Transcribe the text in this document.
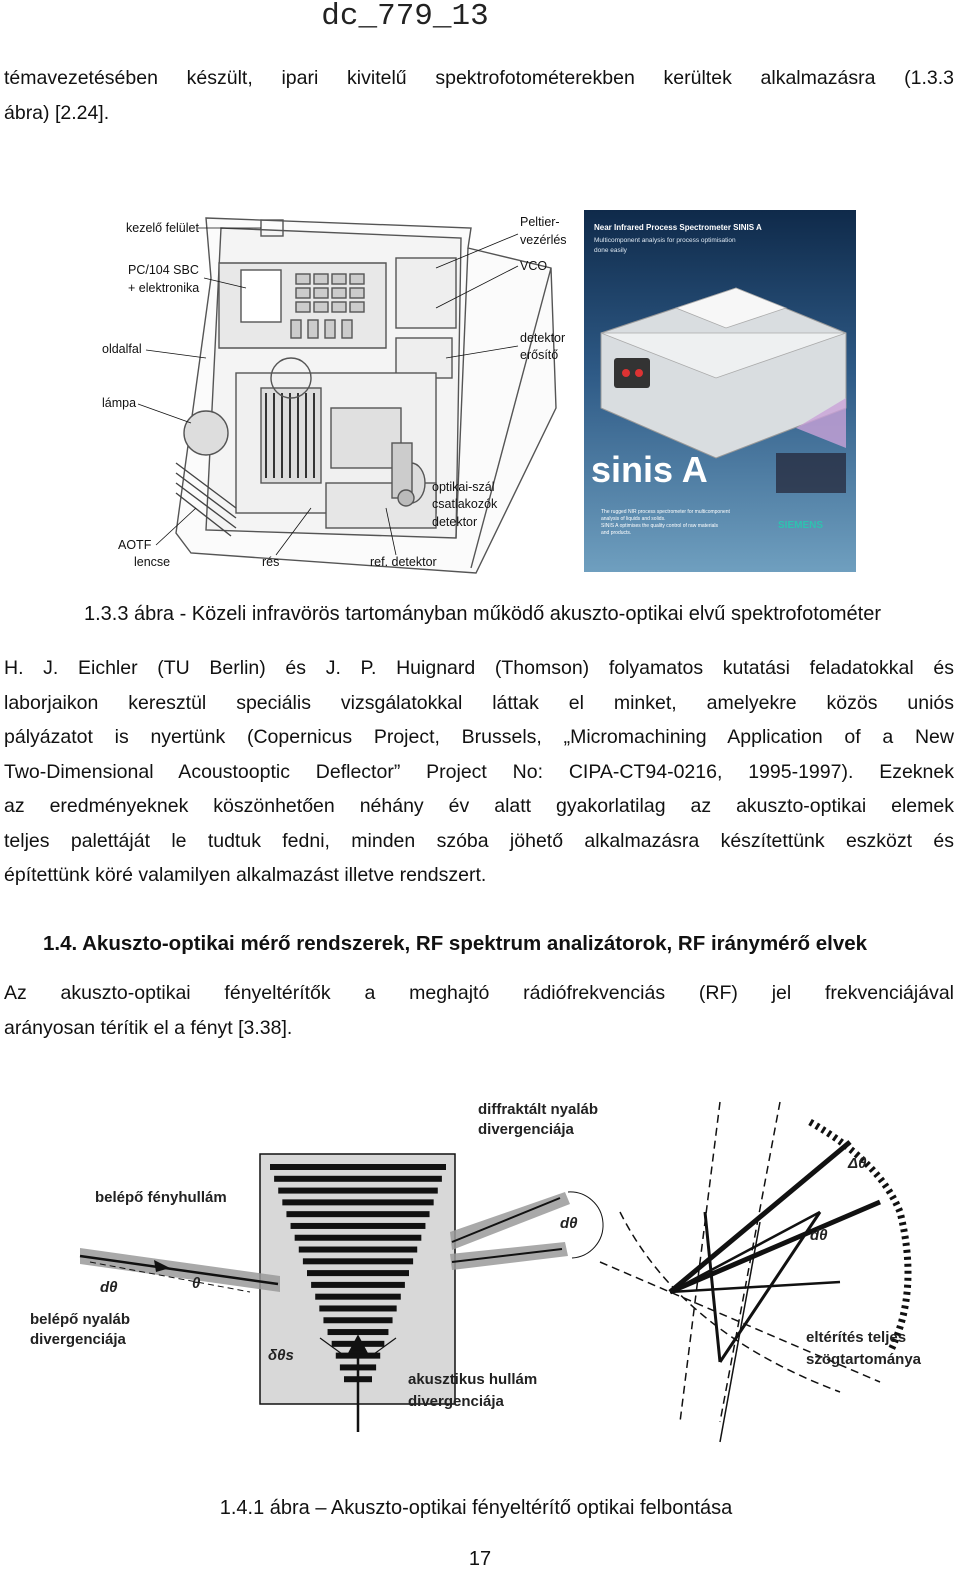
dc_779_13
témavezetésében készült, ipari kivitelű spektrofotométerekben kerültek alkalmazásra (1.3.3
ábra) [2.24].
kezelő felület
PC/104 SBC
+ elektronika
oldalfal
lámpa
AOTF
lencse	rés	ref. detektor
Peltier-
vezérlés
VCO
detektor
erősítő
optikai-szál
csatlakozók
detektor
Near Infrared Process Spectrometer SINIS A
Multicomponent analysis for process optimisation
done easily
sinis A
The rugged NIR process spectrometer for multicomponent
analysis of liquids and solids.
SINIS A optimises the quality control of raw materials
and products.
SIEMENS
1.3.3 ábra - Közeli infravörös tartományban működő akuszto-optikai elvű spektrofotométer
H. J. Eichler (TU Berlin) és J. P. Huignard (Thomson) folyamatos kutatási feladatokkal és
laborjaikon keresztül speciális vizsgálatokkal láttak el minket, amelyekre közös uniós
pályázatot is nyertünk (Copernicus Project, Brussels, „Micromachining Application of a New
Two-Dimensional Acoustooptic Deflector” Project No: CIPA-CT94-0216, 1995-1997). Ezeknek
az eredményeknek köszönhetően néhány év alatt gyakorlatilag az akuszto-optikai elemek
teljes palettáját le tudtuk fedni, minden szóba jöhető alkalmazásra készítettünk eszközt és
építettünk köré valamilyen alkalmazást illetve rendszert.
1.4. Akuszto-optikai mérő rendszerek, RF spektrum analizátorok, RF iránymérő elvek
Az akuszto-optikai fényeltérítők a meghajtó rádiófrekvenciás (RF) jel frekvenciájával
arányosan térítik el a fényt [3.38].
diffraktált nyaláb
divergenciája
belépő fényhullám
dθ	θ
belépő nyaláb
divergenciája
δθs
akusztikus hullám
divergenciája
dθ
Δθ
dθ
eltérítés teljes
szögtartománya
1.4.1 ábra – Akuszto-optikai fényeltérítő optikai felbontása
17
